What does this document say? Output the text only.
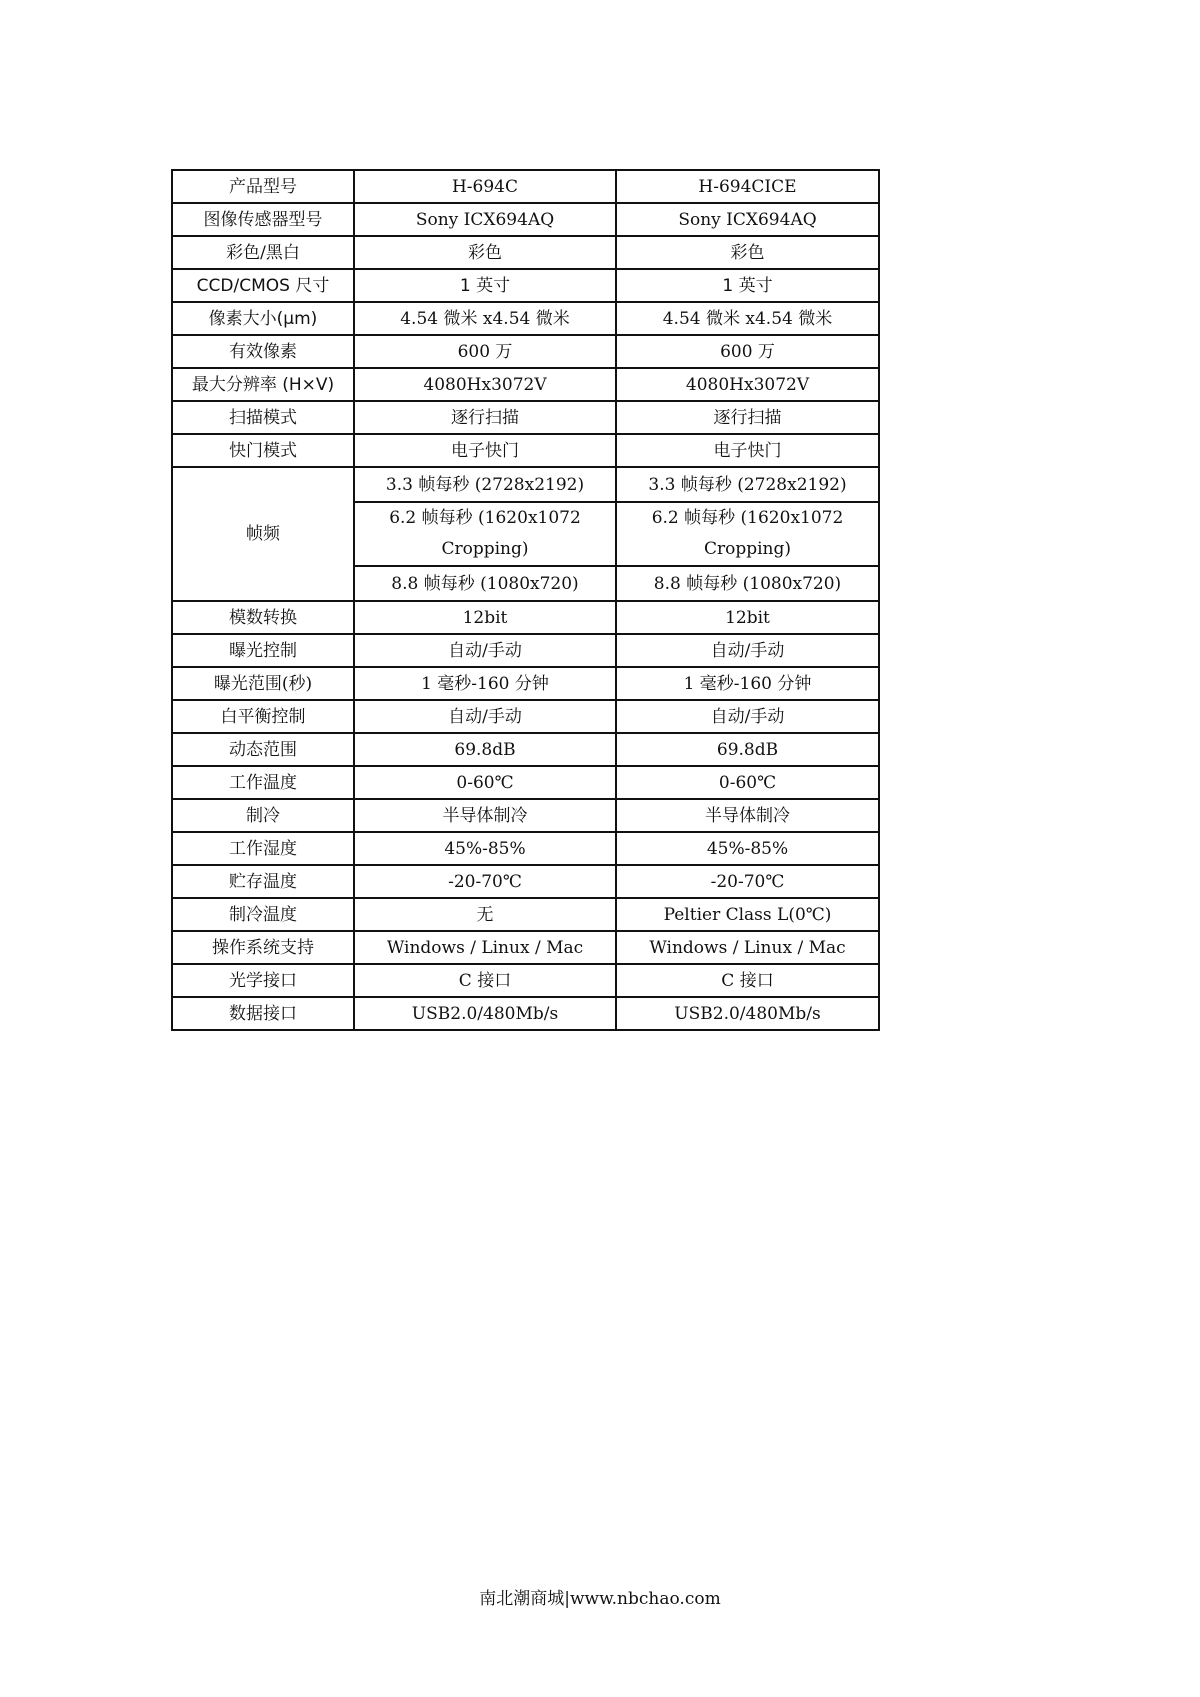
产品型号	H-694C	H-694CICE
图像传感器型号	Sony ICX694AQ	Sony ICX694AQ
彩色/黑白	彩色	彩色
CCD/CMOS 尺寸	1 英寸	1 英寸
像素大小(μm)	4.54 微米 x4.54 微米	4.54 微米 x4.54 微米
有效像素	600 万	600 万
最大分辨率 (H×V)	4080Hx3072V	4080Hx3072V
扫描模式	逐行扫描	逐行扫描
快门模式	电子快门	电子快门
帧频	3.3 帧每秒 (2728x2192)	3.3 帧每秒 (2728x2192)
	6.2 帧每秒 (1620x1072 Cropping)	6.2 帧每秒 (1620x1072 Cropping)
	8.8 帧每秒 (1080x720)	8.8 帧每秒 (1080x720)
模数转换	12bit	12bit
曝光控制	自动/手动	自动/手动
曝光范围(秒)	1 毫秒-160 分钟	1 毫秒-160 分钟
白平衡控制	自动/手动	自动/手动
动态范围	69.8dB	69.8dB
工作温度	0-60℃	0-60℃
制冷	半导体制冷	半导体制冷
工作湿度	45%-85%	45%-85%
贮存温度	-20-70℃	-20-70℃
制冷温度	无	Peltier Class L(0℃)
操作系统支持	Windows / Linux / Mac	Windows / Linux / Mac
光学接口	C 接口	C 接口
数据接口	USB2.0/480Mb/s	USB2.0/480Mb/s
南北潮商城|www.nbchao.com
